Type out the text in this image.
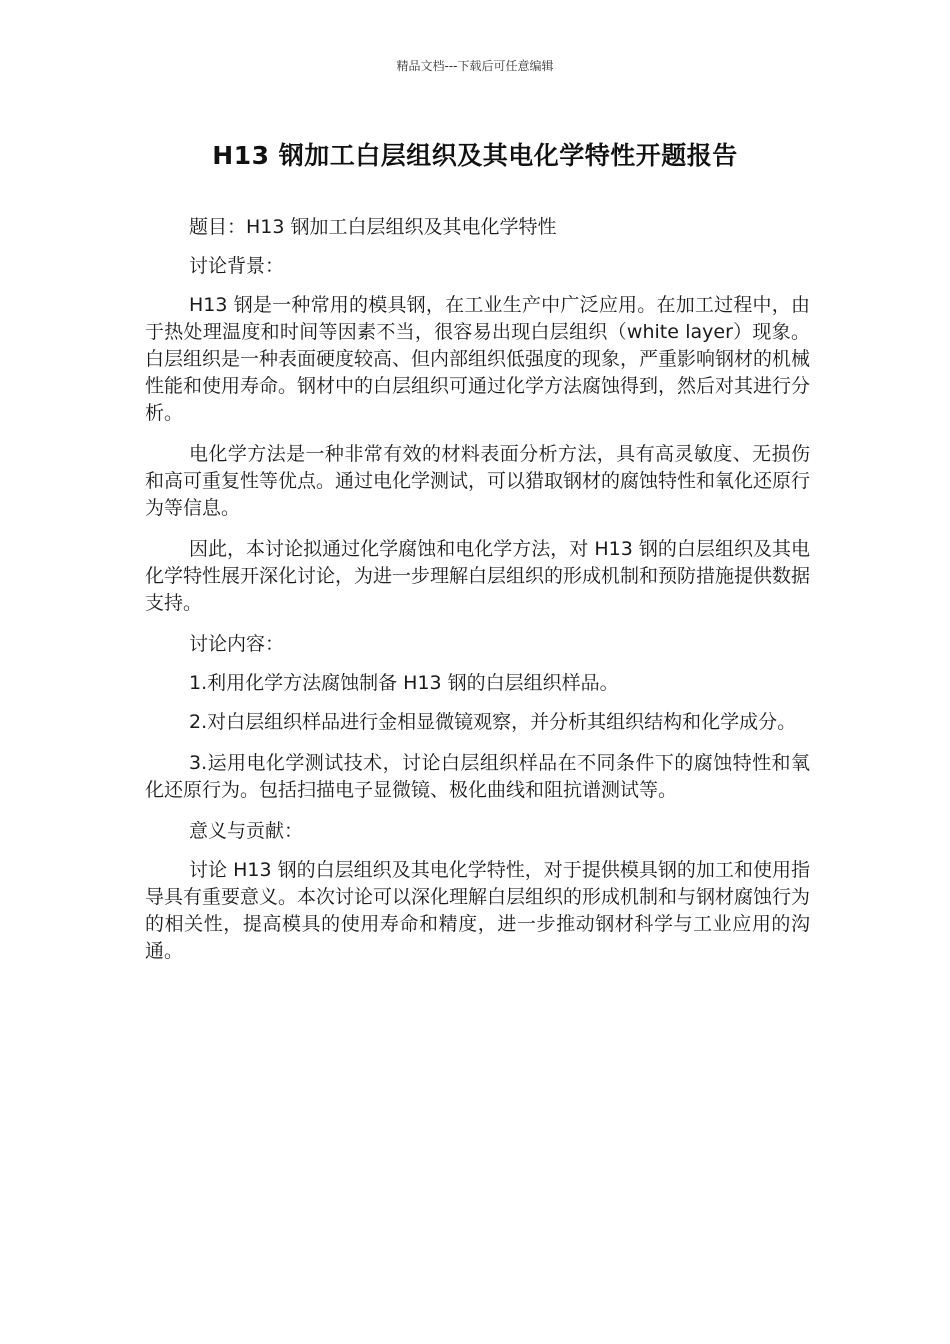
精品文档---下载后可任意编辑
H13 钢加工白层组织及其电化学特性开题报告

题目：H13 钢加工白层组织及其电化学特性

讨论背景：

H13 钢是一种常用的模具钢，在工业生产中广泛应用。在加工过程中，由于热处理温度和时间等因素不当，很容易出现白层组织（white layer）现象。白层组织是一种表面硬度较高、但内部组织低强度的现象，严重影响钢材的机械性能和使用寿命。钢材中的白层组织可通过化学方法腐蚀得到，然后对其进行分析。

电化学方法是一种非常有效的材料表面分析方法，具有高灵敏度、无损伤和高可重复性等优点。通过电化学测试，可以猎取钢材的腐蚀特性和氧化还原行为等信息。

因此，本讨论拟通过化学腐蚀和电化学方法，对 H13 钢的白层组织及其电化学特性展开深化讨论，为进一步理解白层组织的形成机制和预防措施提供数据支持。

讨论内容：

1.利用化学方法腐蚀制备 H13 钢的白层组织样品。

2.对白层组织样品进行金相显微镜观察，并分析其组织结构和化学成分。

3.运用电化学测试技术，讨论白层组织样品在不同条件下的腐蚀特性和氧化还原行为。包括扫描电子显微镜、极化曲线和阻抗谱测试等。

意义与贡献：

讨论 H13 钢的白层组织及其电化学特性，对于提供模具钢的加工和使用指导具有重要意义。本次讨论可以深化理解白层组织的形成机制和与钢材腐蚀行为的相关性，提高模具的使用寿命和精度，进一步推动钢材科学与工业应用的沟通。
